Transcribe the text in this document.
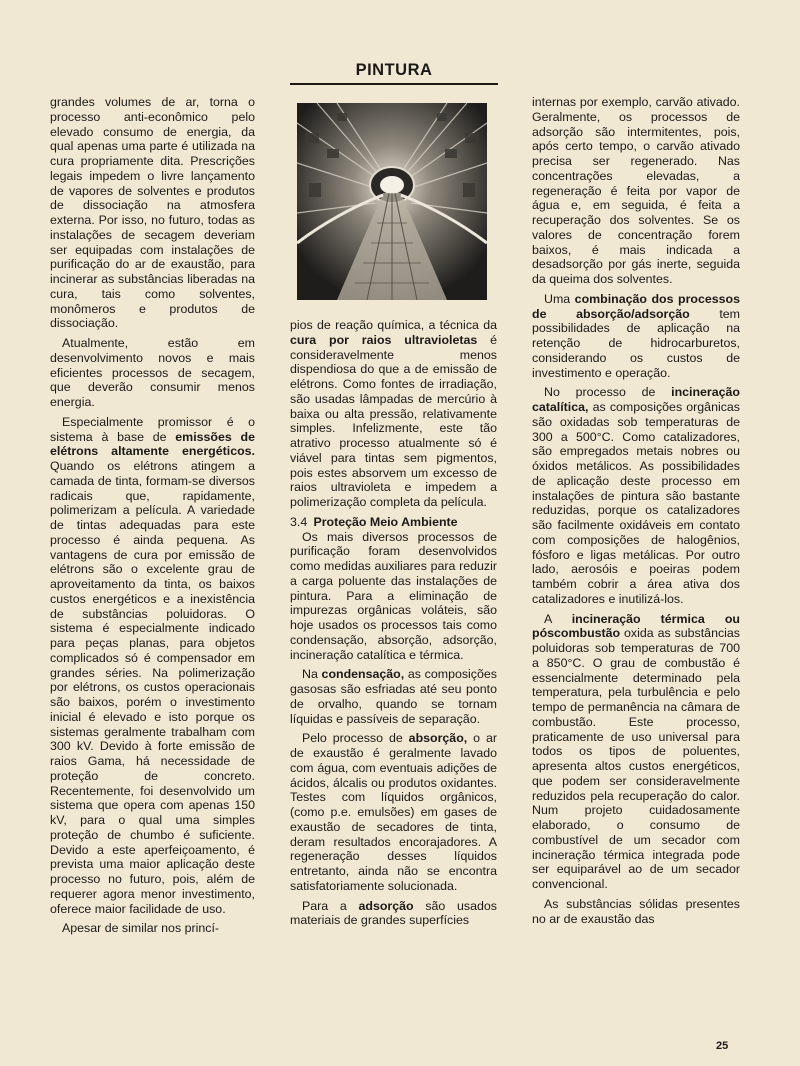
PINTURA

grandes volumes de ar, torna o processo anti-econômico pelo elevado consumo de energia, da qual apenas uma parte é utilizada na cura propriamente dita. Prescrições legais impedem o livre lançamento de vapores de solventes e produtos de dissociação na atmosfera externa. Por isso, no futuro, todas as instalações de secagem deveriam ser equipadas com instalações de purificação do ar de exaustão, para incinerar as substâncias liberadas na cura, tais como solventes, monômeros e produtos de dissociação.

Atualmente, estão em desenvolvimento novos e mais eficientes processos de secagem, que deverão consumir menos energia.

Especialmente promissor é o sistema à base de emissões de elétrons altamente energéticos. Quando os elétrons atingem a camada de tinta, formam-se diversos radicais que, rapidamente, polimerizam a película. A variedade de tintas adequadas para este processo é ainda pequena. As vantagens de cura por emissão de elétrons são o excelente grau de aproveitamento da tinta, os baixos custos energéticos e a inexistência de substâncias poluidoras. O sistema é especialmente indicado para peças planas, para objetos complicados só é compensador em grandes séries. Na polimerização por elétrons, os custos operacionais são baixos, porém o investimento inicial é elevado e isto porque os sistemas geralmente trabalham com 300 kV. Devido à forte emissão de raios Gama, há necessidade de proteção de concreto. Recentemente, foi desenvolvido um sistema que opera com apenas 150 kV, para o qual uma simples proteção de chumbo é suficiente. Devido a este aperfeiçoamento, é prevista uma maior aplicação deste processo no futuro, pois, além de requerer agora menor investimento, oferece maior facilidade de uso.

Apesar de similar nos princí-

pios de reação química, a técnica da cura por raios ultravioletas é consideravelmente menos dispendiosa do que a de emissão de elétrons. Como fontes de irradiação, são usadas lâmpadas de mercúrio à baixa ou alta pressão, relativamente simples. Infelizmente, este tão atrativo processo atualmente só é viável para tintas sem pigmentos, pois estes absorvem um excesso de raios ultravioleta e impedem a polimerização completa da película.

3.4  Proteção Meio Ambiente

Os mais diversos processos de purificação foram desenvolvidos como medidas auxiliares para reduzir a carga poluente das instalações de pintura. Para a eliminação de impurezas orgânicas voláteis, são hoje usados os processos tais como condensação, absorção, adsorção, incineração catalítica e térmica.

Na condensação, as composições gasosas são esfriadas até seu ponto de orvalho, quando se tornam líquidas e passíveis de separação.

Pelo processo de absorção, o ar de exaustão é geralmente lavado com água, com eventuais adições de ácidos, álcalis ou produtos oxidantes. Testes com líquidos orgânicos, (como p.e. emulsões) em gases de exaustão de secadores de tinta, deram resultados encorajadores. A regeneração desses líquidos entretanto, ainda não se encontra satisfatoriamente solucionada.

Para a adsorção são usados materiais de grandes superfícies

internas por exemplo, carvão ativado. Geralmente, os processos de adsorção são intermitentes, pois, após certo tempo, o carvão ativado precisa ser regenerado. Nas concentrações elevadas, a regeneração é feita por vapor de água e, em seguida, é feita a recuperação dos solventes. Se os valores de concentração forem baixos, é mais indicada a desadsorção por gás inerte, seguida da queima dos solventes.

Uma combinação dos processos de absorção/adsorção tem possibilidades de aplicação na retenção de hidrocarburetos, considerando os custos de investimento e operação.

No processo de incineração catalítica, as composições orgânicas são oxidadas sob temperaturas de 300 a 500°C. Como catalizadores, são empregados metais nobres ou óxidos metálicos. As possibilidades de aplicação deste processo em instalações de pintura são bastante reduzidas, porque os catalizadores são facilmente oxidáveis em contato com composições de halogênios, fósforo e ligas metálicas. Por outro lado, aerosóis e poeiras podem também cobrir a área ativa dos catalizadores e inutilizá-los.

A incineração térmica ou póscombustão oxida as substâncias poluidoras sob temperaturas de 700 a 850°C. O grau de combustão é essencialmente determinado pela temperatura, pela turbulência e pelo tempo de permanência na câmara de combustão. Este processo, praticamente de uso universal para todos os tipos de poluentes, apresenta altos custos energéticos, que podem ser consideravelmente reduzidos pela recuperação do calor. Num projeto cuidadosamente elaborado, o consumo de combustível de um secador com incineração térmica integrada pode ser equiparável ao de um secador convencional.

As substâncias sólidas presentes no ar de exaustão das

25
